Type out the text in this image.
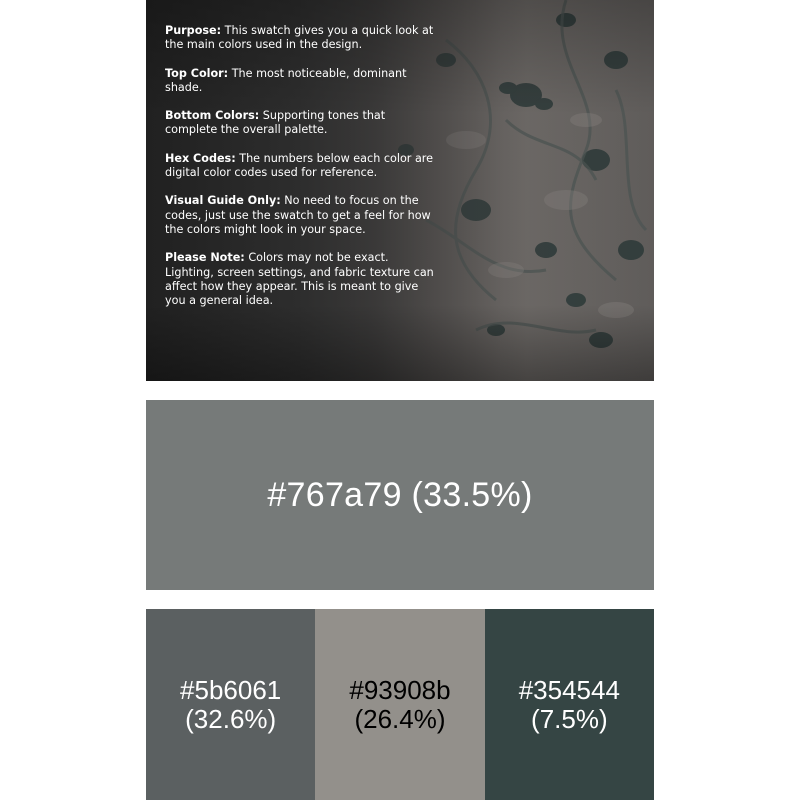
Purpose: This swatch gives you a quick look at the main colors used in the design.

Top Color: The most noticeable, dominant shade.

Bottom Colors: Supporting tones that complete the overall palette.

Hex Codes: The numbers below each color are digital color codes used for reference.

Visual Guide Only: No need to focus on the codes, just use the swatch to get a feel for how the colors might look in your space.

Please Note: Colors may not be exact. Lighting, screen settings, and fabric texture can affect how they appear. This is meant to give you a general idea.

#767a79 (33.5%)
#5b6061
(32.6%)
#93908b
(26.4%)
#354544
(7.5%)
